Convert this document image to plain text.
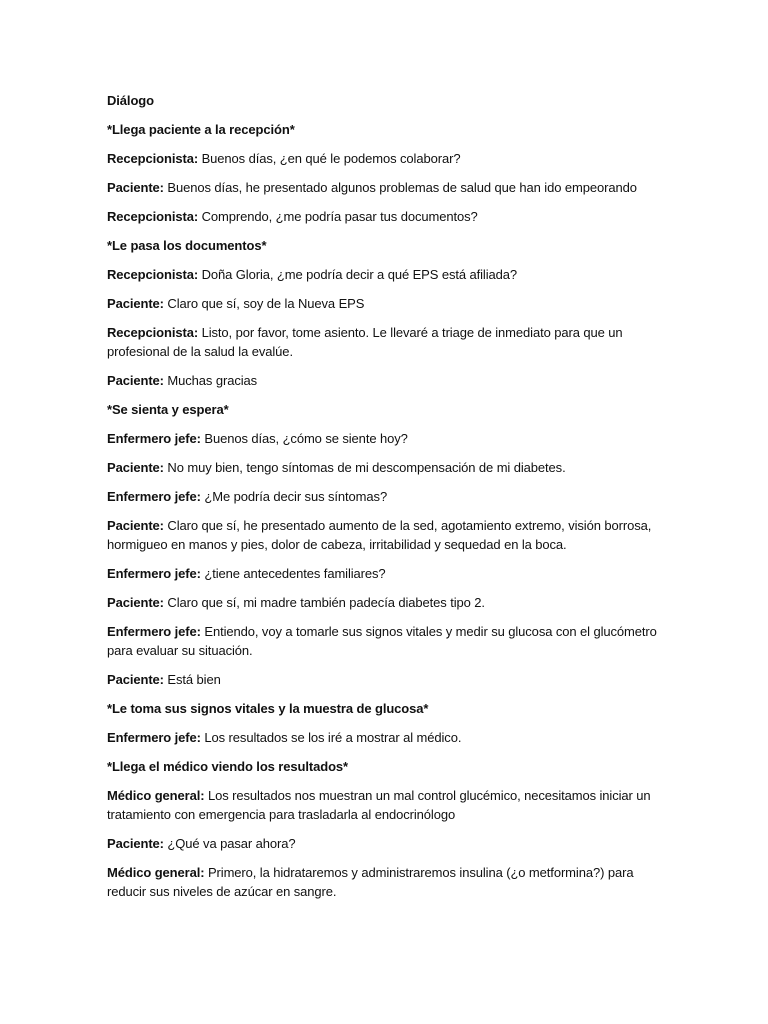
Diálogo

*Llega paciente a la recepción*

Recepcionista: Buenos días, ¿en qué le podemos colaborar?

Paciente: Buenos días, he presentado algunos problemas de salud que han ido empeorando

Recepcionista: Comprendo, ¿me podría pasar tus documentos?

*Le pasa los documentos*

Recepcionista: Doña Gloria, ¿me podría decir a qué EPS está afiliada?

Paciente: Claro que sí, soy de la Nueva EPS

Recepcionista: Listo, por favor, tome asiento. Le llevaré a triage de inmediato para que un profesional de la salud la evalúe.

Paciente: Muchas gracias

*Se sienta y espera*

Enfermero jefe: Buenos días, ¿cómo se siente hoy?

Paciente: No muy bien, tengo síntomas de mi descompensación de mi diabetes.

Enfermero jefe: ¿Me podría decir sus síntomas?

Paciente: Claro que sí, he presentado aumento de la sed, agotamiento extremo, visión borrosa, hormigueo en manos y pies, dolor de cabeza, irritabilidad y sequedad en la boca.

Enfermero jefe: ¿tiene antecedentes familiares?

Paciente: Claro que sí, mi madre también padecía diabetes tipo 2.

Enfermero jefe: Entiendo, voy a tomarle sus signos vitales y medir su glucosa con el glucómetro para evaluar su situación.

Paciente: Está bien

*Le toma sus signos vitales y la muestra de glucosa*

Enfermero jefe: Los resultados se los iré a mostrar al médico.

*Llega el médico viendo los resultados*

Médico general: Los resultados nos muestran un mal control glucémico, necesitamos iniciar un tratamiento con emergencia para trasladarla al endocrinólogo

Paciente: ¿Qué va pasar ahora?

Médico general: Primero, la hidrataremos y administraremos insulina (¿o metformina?) para reducir sus niveles de azúcar en sangre.
